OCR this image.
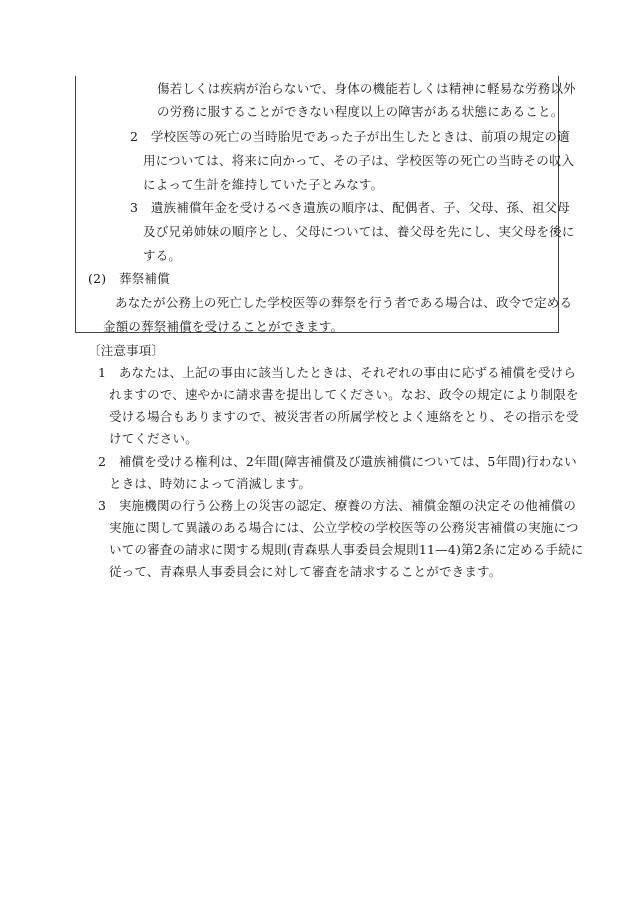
傷若しくは疾病が治らないで、身体の機能若しくは精神に軽易な労務以外
の労務に服することができない程度以上の障害がある状態にあること。
2　学校医等の死亡の当時胎児であった子が出生したときは、前項の規定の適
用については、将来に向かって、その子は、学校医等の死亡の当時その収入
によって生計を維持していた子とみなす。
3　遺族補償年金を受けるべき遺族の順序は、配偶者、子、父母、孫、祖父母
及び兄弟姉妹の順序とし、父母については、養父母を先にし、実父母を後に
する。
(2)　葬祭補償
あなたが公務上の死亡した学校医等の葬祭を行う者である場合は、政令で定める
金額の葬祭補償を受けることができます。
〔注意事項〕
1　あなたは、上記の事由に該当したときは、それぞれの事由に応ずる補償を受けら
れますので、速やかに請求書を提出してください。なお、政令の規定により制限を
受ける場合もありますので、被災害者の所属学校とよく連絡をとり、その指示を受
けてください。
2　補償を受ける権利は、2年間(障害補償及び遺族補償については、5年間)行わない
ときは、時効によって消滅します。
3　実施機関の行う公務上の災害の認定、療養の方法、補償金額の決定その他補償の
実施に関して異議のある場合には、公立学校の学校医等の公務災害補償の実施につ
いての審査の請求に関する規則(青森県人事委員会規則11—4)第2条に定める手続に
従って、青森県人事委員会に対して審査を請求することができます。
